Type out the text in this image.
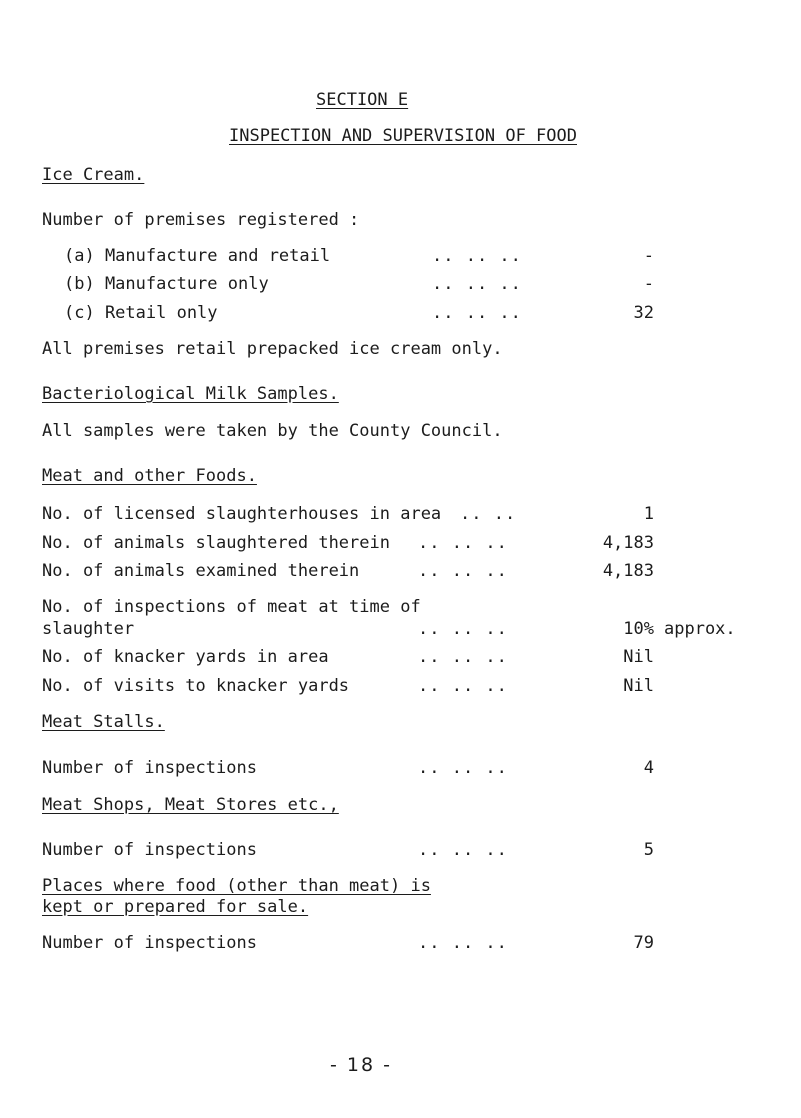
SECTION E
INSPECTION AND SUPERVISION OF FOOD
Ice Cream.
Number of premises registered :
(a) Manufacture and retail	.. .. ..	-
(b) Manufacture only	.. .. ..	-
(c) Retail only	.. .. ..	32
All premises retail prepacked ice cream only.
Bacteriological Milk Samples.
All samples were taken by the County Council.
Meat and other Foods.
No. of licensed slaughterhouses in area .. ..	1
No. of animals slaughtered therein .. .. ..	4,183
No. of animals examined therein	.. .. ..	4,183
No. of inspections of meat at time of
slaughter	.. .. ..	10% approx.
No. of knacker yards in area	.. .. ..	Nil
No. of visits to knacker yards	.. .. ..	Nil
Meat Stalls.
Number of inspections	.. .. ..	4
Meat Shops, Meat Stores etc.,
Number of inspections	.. .. ..	5
Places where food (other than meat) is
kept or prepared for sale.
Number of inspections	.. .. ..	79
- 18 -
